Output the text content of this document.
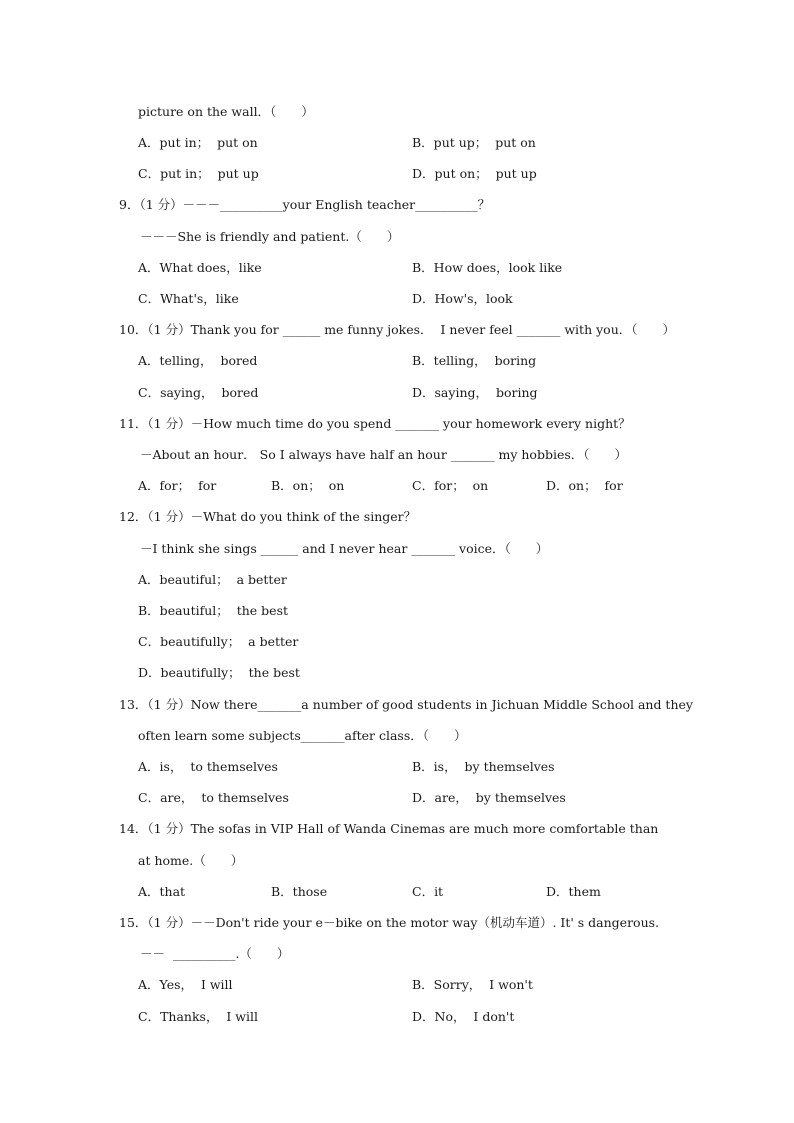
picture on the wall．（　　）
A．put in；  put on	B．put up；  put on
C．put in；  put up	D．put on；  put up
9．（1 分）－－－__________your English teacher__________？
－－－She is friendly and patient.（　　）
A．What does，like	B．How does，look like
C．What's，like	D．How's，look
10．（1 分）Thank you for ______ me funny jokes．  I never feel _______ with you．（　　）
A．telling，  bored	B．telling，  boring
C．saying，  bored	D．saying，  boring
11．（1 分）－How much time do you spend _______ your homework every night？
－About an hour． So I always have half an hour _______ my hobbies．（　　）
A．for；  for	B．on；  on	C．for；  on	D．on；  for
12．（1 分）－What do you think of the singer？
－I think she sings ______ and I never hear _______ voice．（　　）
A．beautiful；  a better
B．beautiful；  the best
C．beautifully；  a better
D．beautifully；  the best
13．（1 分）Now there_______a number of good students in Jichuan Middle School and they
often learn some subjects_______after class．（　　）
A．is，  to themselves	B．is，  by themselves
C．are，  to themselves	D．are，  by themselves
14．（1 分）The sofas in VIP Hall of Wanda Cinemas are much more comfortable than
at home.（　　）
A．that	B．those	C．it	D．them
15．（1 分）－－Don't ride your e－bike on the motor way（机动车道）. It' s dangerous.
－－  __________.（　　）
A．Yes，  I will	B．Sorry，  I won't
C．Thanks，  I will	D．No，  I don't
